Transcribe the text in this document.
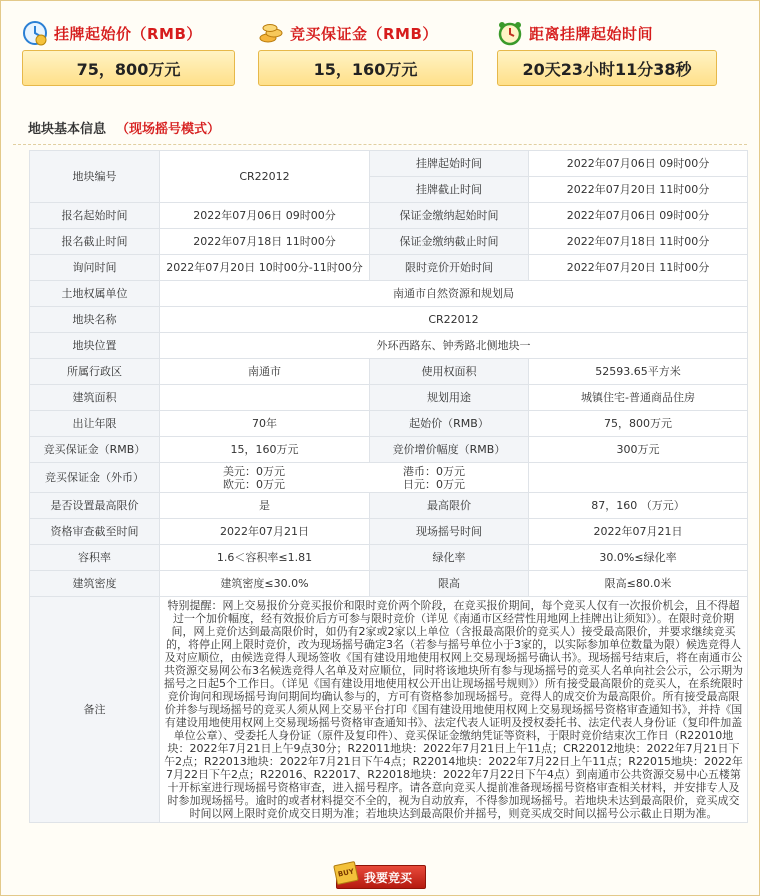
挂牌起始价（RMB）
75，800万元
竞买保证金（RMB）
15，160万元
距离挂牌起始时间
20天23小时11分38秒
地块基本信息 （现场摇号模式）
地块编号	CR22012	挂牌起始时间	2022年07月06日 09时00分
		挂牌截止时间	2022年07月20日 11时00分
报名起始时间	2022年07月06日 09时00分	保证金缴纳起始时间	2022年07月06日 09时00分
报名截止时间	2022年07月18日 11时00分	保证金缴纳截止时间	2022年07月18日 11时00分
询问时间	2022年07月20日 10时00分-11时00分	限时竞价开始时间	2022年07月20日 11时00分
土地权属单位	南通市自然资源和规划局		
地块名称	CR22012		
地块位置	外环西路东、钟秀路北侧地块一		
所属行政区	南通市	使用权面积	52593.65平方米
建筑面积		规划用途	城镇住宅-普通商品住房
出让年限	70年	起始价（RMB）	75，800万元
竞买保证金（RMB）	15，160万元	竞价增价幅度（RMB）	300万元
竞买保证金（外币）	美元：0万元 港币：0万元
欧元：0万元 日元：0万元		

是否设置最高限价	是	最高限价	87，160 （万元）
资格审查截至时间	2022年07月21日	现场摇号时间	2022年07月21日
容积率	1.6＜容积率≤1.81	绿化率	30.0%≤绿化率
建筑密度	建筑密度≤30.0%	限高	限高≤80.0米
备注	特别提醒：网上交易报价分竞买报价和限时竞价两个阶段，在竞买报价期间，每个竞买人仅有一次报价机会，且不得超过一个加价幅度，经有效报价后方可参与限时竞价（详见《南通市区经营性用地网上挂牌出让须知》）。在限时竞价期间，网上竞价达到最高限价时，如仍有2家或2家以上单位（含报最高限价的竞买人）接受最高限价，并要求继续竞买的，将停止网上限时竞价，改为现场摇号确定3名（若参与摇号单位小于3家的，以实际参加单位数量为限）候选竞得人及对应顺位，由候选竞得人现场签收《国有建设用地使用权网上交易现场摇号确认书》。现场摇号结束后，将在南通市公共资源交易网公布3名候选竞得人名单及对应顺位，同时将该地块所有参与现场摇号的竞买人名单向社会公示，公示期为摇号之日起5个工作日。（详见《国有建设用地使用权公开出让现场摇号规则》）所有接受最高限价的竞买人，在系统限时竞价询问和现场摇号询问期间均确认参与的，方可有资格参加现场摇号。竞得人的成交价为最高限价。所有接受最高限价并参与现场摇号的竞买人须从网上交易平台打印《国有建设用地使用权网上交易现场摇号资格审查通知书》，并持《国有建设用地使用权网上交易现场摇号资格审查通知书》、法定代表人证明及授权委托书、法定代表人身份证（复印件加盖单位公章）、受委托人身份证（原件及复印件）、竞买保证金缴纳凭证等资料，于限时竞价结束次工作日（R22010地块：2022年7月21日上午9点30分；R22011地块：2022年7月21日上午11点；CR22012地块：2022年7月21日下午2点；R22013地块：2022年7月21日下午4点；R22014地块：2022年7月22日上午11点；R22015地块：2022年7月22日下午2点；R22016、R22017、R22018地块：2022年7月22日下午4点）到南通市公共资源交易中心五楼第十开标室进行现场摇号资格审查，进入摇号程序。请各意向竞买人提前准备现场摇号资格审查相关材料，并安排专人及时参加现场摇号。逾时的或者材料提交不全的，视为自动放弃，不得参加现场摇号。若地块未达到最高限价，竞买成交时间以网上限时竞价成交日期为准；若地块达到最高限价并摇号，则竞买成交时间以摇号公示截止日期为准。		
BUY 我要竞买
